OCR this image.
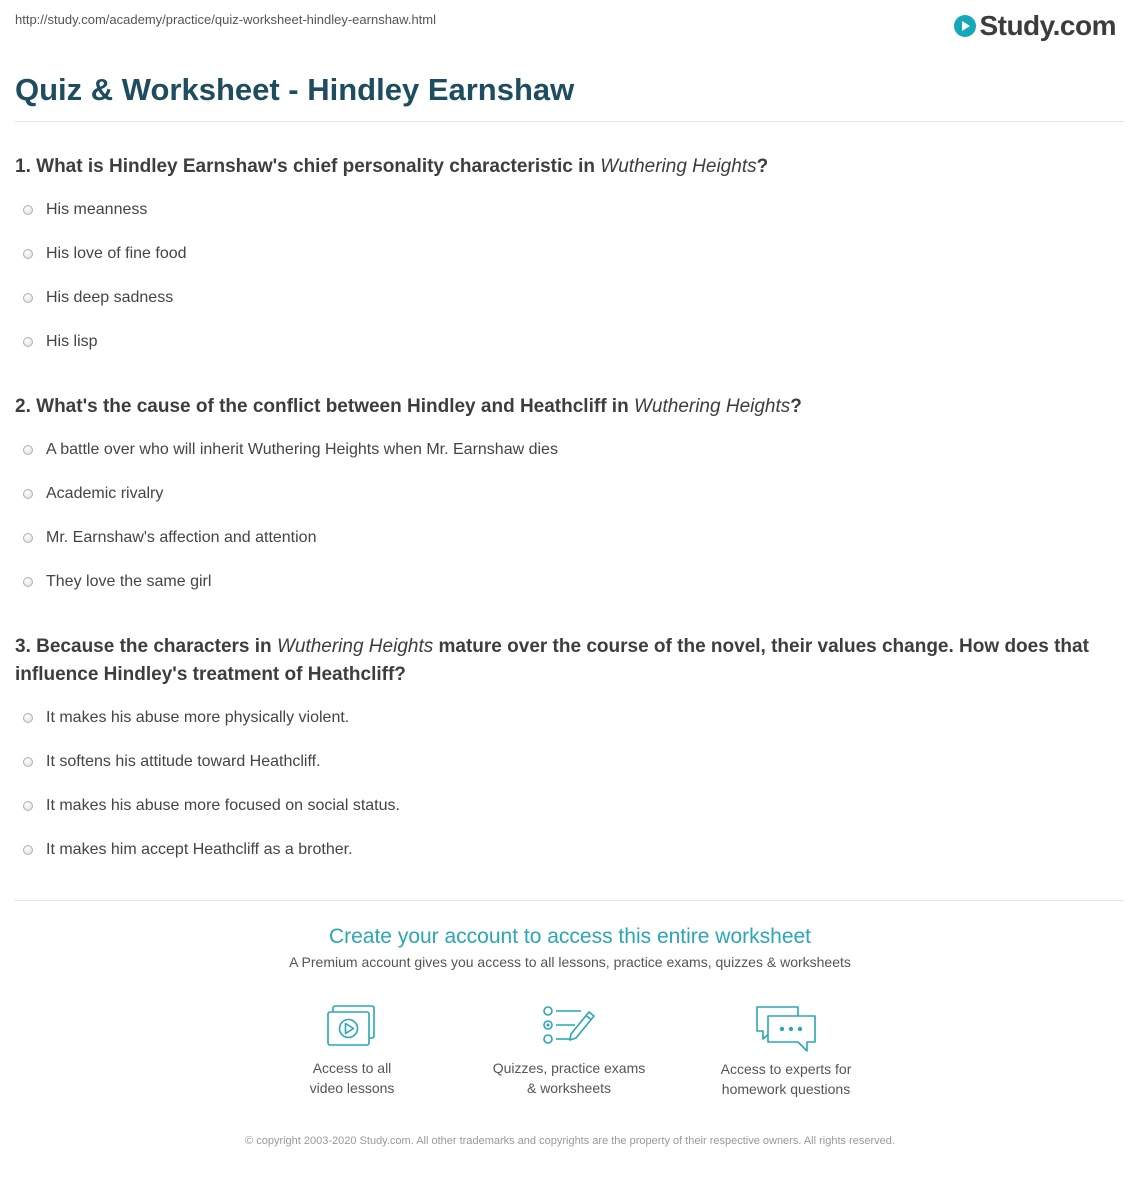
http://study.com/academy/practice/quiz-worksheet-hindley-earnshaw.html	Study.com
Quiz & Worksheet - Hindley Earnshaw
1. What is Hindley Earnshaw's chief personality characteristic in Wuthering Heights?
His meanness
His love of fine food
His deep sadness
His lisp
2. What's the cause of the conflict between Hindley and Heathcliff in Wuthering Heights?
A battle over who will inherit Wuthering Heights when Mr. Earnshaw dies
Academic rivalry
Mr. Earnshaw's affection and attention
They love the same girl
3. Because the characters in Wuthering Heights mature over the course of the novel, their values change. How does that influence Hindley's treatment of Heathcliff?
It makes his abuse more physically violent.
It softens his attitude toward Heathcliff.
It makes his abuse more focused on social status.
It makes him accept Heathcliff as a brother.
Create your account to access this entire worksheet
A Premium account gives you access to all lessons, practice exams, quizzes & worksheets
Access to all
video lessons
Quizzes, practice exams
& worksheets
Access to experts for
homework questions
© copyright 2003-2020 Study.com. All other trademarks and copyrights are the property of their respective owners. All rights reserved.
